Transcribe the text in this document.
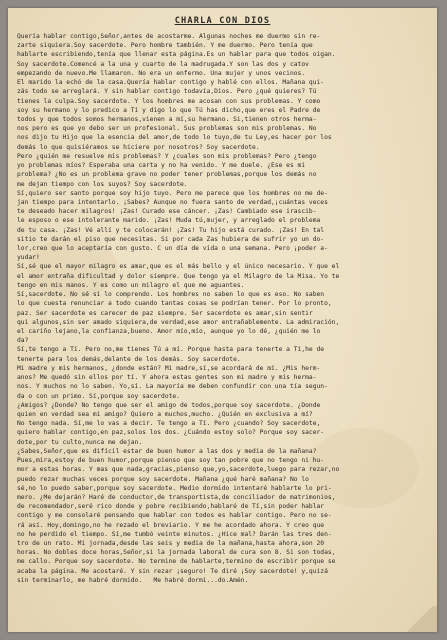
CHARLA CON DIOS

Quería hablar contigo,Señor,antes de acostarme. Algunas noches me duermo sin re-
zarte siquiera.Soy sacerdote. Pero hombre también. Y me duermo. Pero tenía que
hablarte escribiendo,tenía que llenar esta página.Es un hablar para que todos oigan.
Soy sacerdote.Comencé a la una y cuarto de la madrugada.Y son las dos y catov
empezando de nuevo.Me llamaron. No era un enfermo. Una mujer y unos vecinos.
El marido la echó de la casa.Quería hablar contigo y hablé con ellos. Mañana qui-
zás todo se arreglará. Y sin hablar contigo todavía,Dios. Pero ¿qué quieres? Tú
tienes la culpa.Soy sacerdote. Y los hombres me acosan con sus problemas. Y como
soy su hermano y lo predico a Tí y digo lo que Tú has dicho,que eres el Padre de
todos y que todos somos hermanos,vienen a mí,su hermano. Si,tienen otros herma-
nos pero es que yo debo ser un profesional. Sus problemas son mis problemas. No
nos dijo tu Hijo que la esencia del amor,de todo lo tuyo,de tu Ley,es hacer por los
demás lo que quisiéramos se hiciere por nosotros? Soy sacerdote.
Pero ¿quién me resuelve mis problemas? Y ¿cuales son mis problemas? Pero ¿tengo
yo problemas míos? Esperaba una carta y no ha venido. Y me duele. ¿Ese es mi
problema? ¿No es un problema grave no poder tener problemas,porque los demás no
me dejan tiempo con los suyos? Soy sacerdote.
Sí,quiero ser santo porque soy hijo tuyo. Pero me parece que los hombres no me de-
jan tiempo para intentarlo. ¡Sabes? Aunque no fuera santo de verdad,¡cuántas veces
te deseado hacer milagros! ¡Zas! Curado ese cáncer. ¡Zas! Cambiado ese irascib-
le esposo o ese intolerante marido. ¡Zas! Muda tú,mujer, y arreglado el problema
de tu casa. ¡Zas! Vé allí y te colocarán! ¡Zas! Tu hijo está curado. ¡Zas! En tal
sitio te darán el piso que necesitas. Si por cada Zas hubiera de sufrir yo un do-
lor,creo que lo aceptaría con gusto. C un día de vida o una semana. Pero ¡poder a-
yudar!
Sí,sé que el mayor milagro es amar,que es el más bello y el único necesario. Y que el
el amor entraña dificultad y dolor siempre. Que tengo ya el Milagro de la Misa. Yo te
tengo en mis manos. Y es como un milagro el que me aguantes.
Sí,sacerdote. No sé si lo comprendo. Los hombres no saben lo que es eso. No saben
lo que cuesta renunciar a todo cuando tantas cosas se podrían tener. Por lo pronto,
paz. Ser sacerdote es carecer de paz siempre. Ser sacerdote es amar,sin sentir
qui algunos,sin ser amado siquiera,de verdad,ese amor entrañablemente. La admiración,
el cariño lejano,la confianza,bueno. Amor mío,mío, aunque yo lo dé, ¿quién me lo
da?
Sí,te tengo a Tí. Pero no,me tienes Tú a mí. Porque hasta para tenerte a Tí,he de
tenerte para los demás,delante de los demás. Soy sacerdote.
Mi madre y mis hermanos, ¿donde están? Mi madre,sí,se acordará de mí. ¿Mis herm-
anos? Me quedó sin ellos por tí. Y ahora estas gentes son mi madre y mis herma-
nos. Y muchos no lo saben. Yo,sí. La mayoría me deben confundir con una tía segun-
da o con un primo. Sí,porque soy sacerdote.
¿Amigos? ¿Donde? No tengo que ser el amigo de todos,porque soy sacerdote. ¿Donde
quien en verdad sea mi amigo? Quiero a muchos,mucho. ¿Quién en exclusiva a mí?
No tengo nada. Sí,me lo vas a decir. Te tengo a Tí. Pero ¿cuando? Soy sacerdote,
quiero hablar contigo,en paz,solos los dos. ¿Cuándo estoy solo? Porque soy sacer-
dote,por tu culto,nunca me dejan.
¿Sabes,Señor,que es difícil estar de buen humor a las dos y media de la mañana?
Pues,mira,estoy de buen humor,porque pienso que soy tan pobre que no tengo ni hu-
mor a estas horas. Y mas que nada,gracias,pienso que,yo,sacerdote,luego para rezar,no
puedo rezar muchas veces porque soy sacerdote. Mañana ¿qué haré mañana? No lo
sé,no lo puedo saber,porque soy sacerdote. Medio dormido intentaré hablarte lo pri-
mero. ¿Me dejarán? Haré de conductor,de transportista,de conciliador de matrimonios,
de recomendador,seré rico donde y pobre recibiendo,hablaré de Tí,sin poder hablar
contigo y me consolaré pensando que hablar con todos es hablar contigo. Pero no se-
rá así. Hoy,domingo,no he rezado el breviario. Y me he acordado ahora. Y creo que
no he perdido el tiempo. Sí,me tumbó veinte minutos. ¿Hice mal? Darán las tres den-
tro de un rato. Mi jornada,desde las seis y media de la mañana,hasta ahora,son 20
horas. No dobles doce horas,Señor,si la jornada laboral de cura son 8. Si son todas,
me callo. Porque soy sacerdote. No termine de hablarte,termino de escribir porque se
acaba la página. Me acostaré. Y sin rezar ¡seguro! Te diré ¡Soy sacerdote! y,quizá
sin terminarlo, me habré dormido.   Me habré dormi...do.Amén.
